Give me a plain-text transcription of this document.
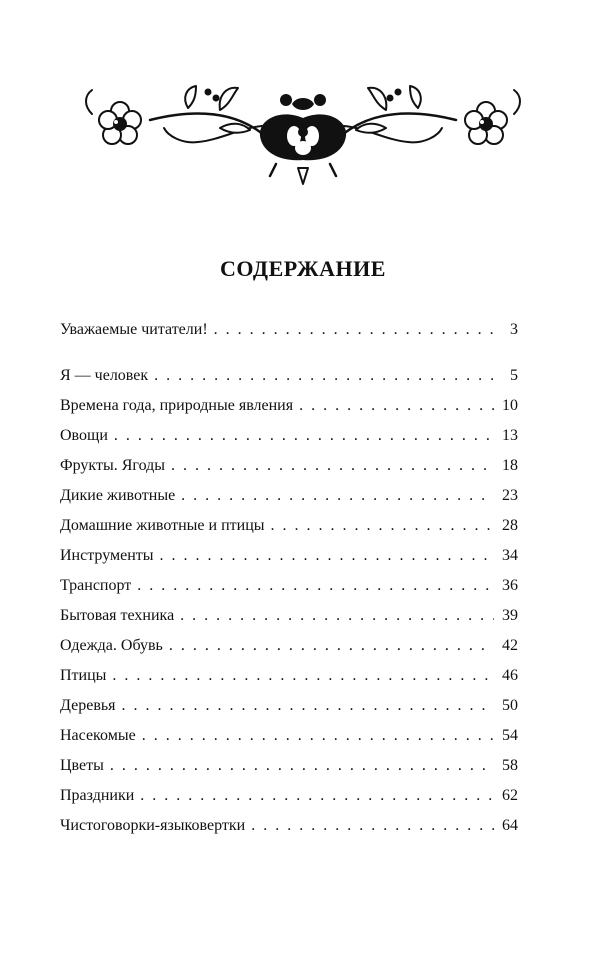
СОДЕРЖАНИЕ
Уважаемые читатели! . . .	3
Я — человек . . .	5
Времена года, природные явления . . .	10
Овощи . . .	13
Фрукты. Ягоды . . .	18
Дикие животные . . .	23
Домашние животные и птицы . . .	28
Инструменты . . .	34
Транспорт . . .	36
Бытовая техника . . .	39
Одежда. Обувь . . .	42
Птицы . . .	46
Деревья . . .	50
Насекомые . . .	54
Цветы . . .	58
Праздники . . .	62
Чистоговорки-языковертки . . .	64
